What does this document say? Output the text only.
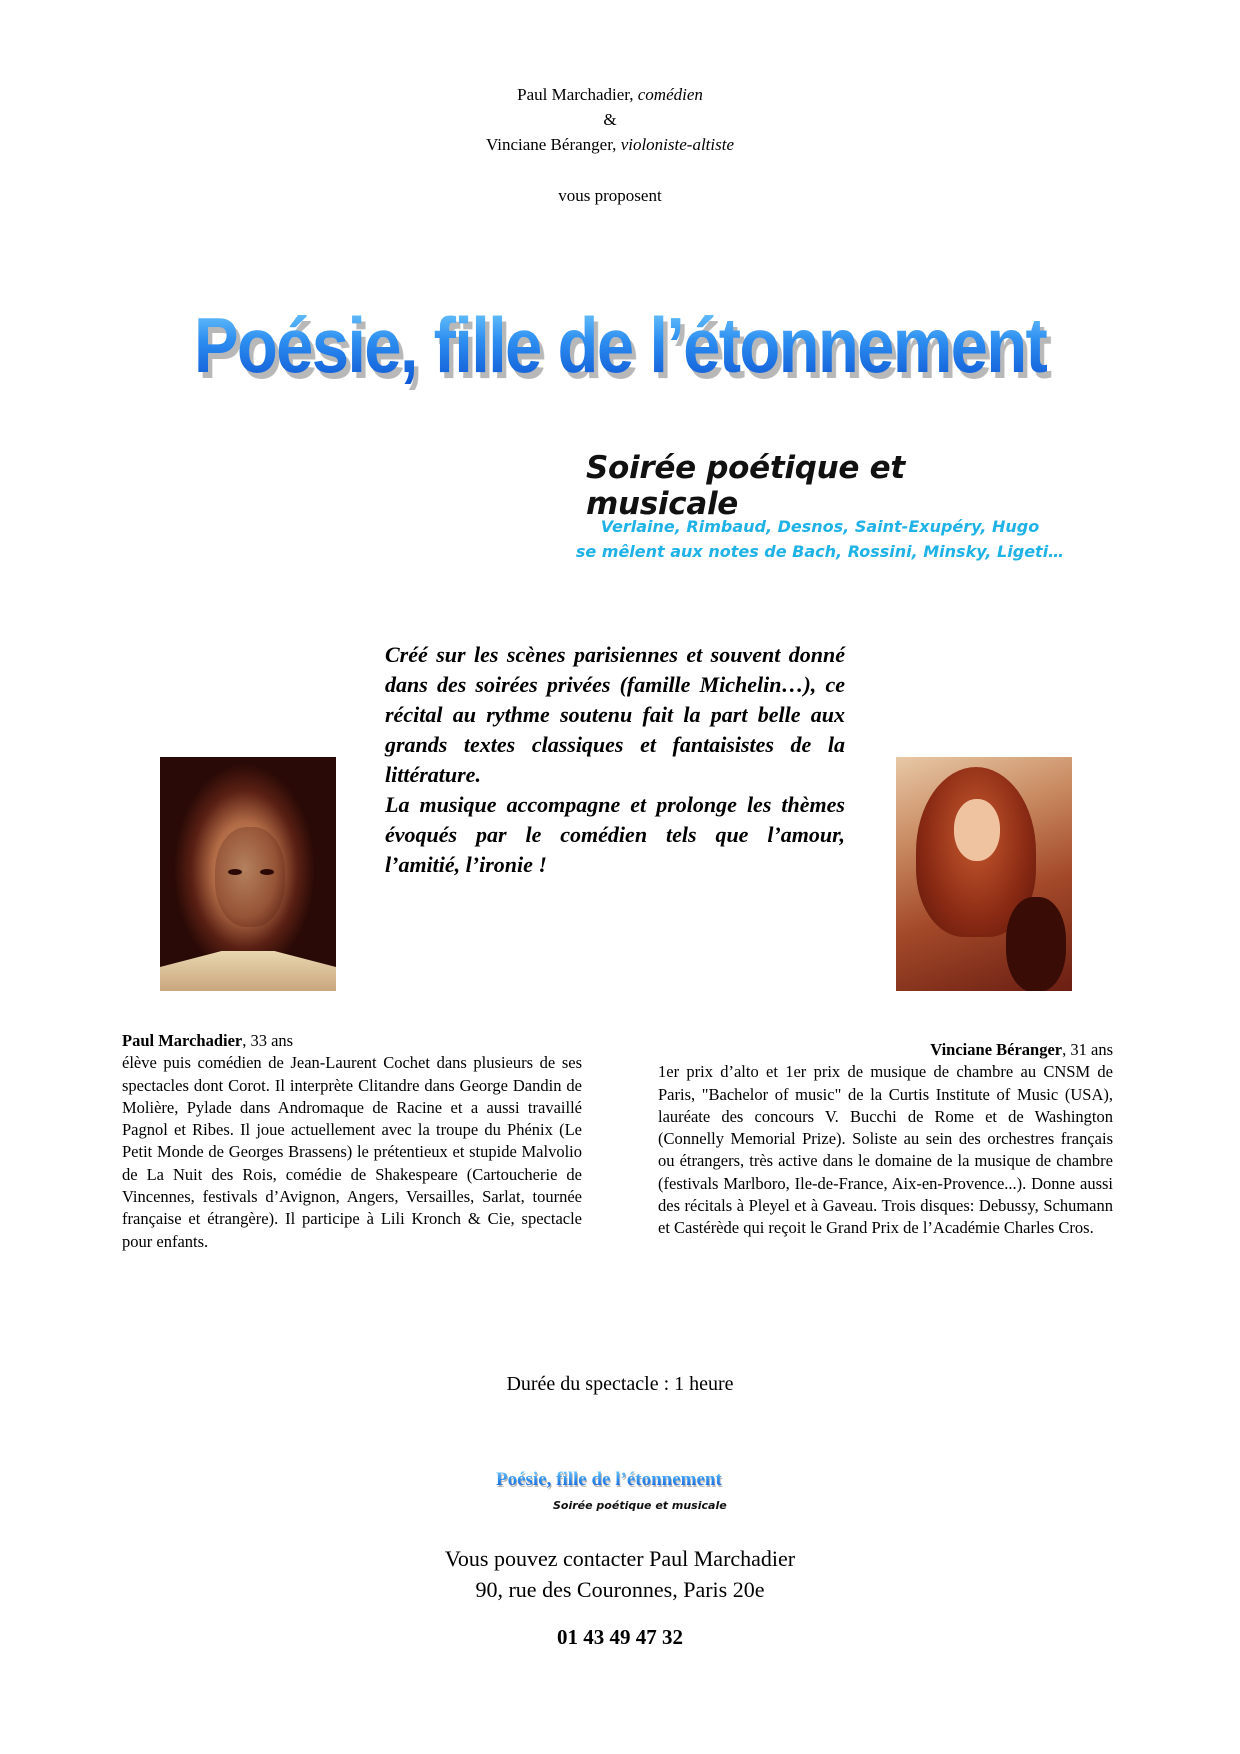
Paul Marchadier, comédien
&
Vinciane Béranger, violoniste-altiste
vous proposent
Poésie, fille de l’étonnement
Soirée poétique et musicale
Verlaine, Rimbaud, Desnos, Saint-Exupéry, Hugo
se mêlent aux notes de Bach, Rossini, Minsky, Ligeti…

Créé sur les scènes parisiennes et souvent donné dans des soirées privées (famille Michelin…), ce récital au rythme soutenu fait la part belle aux grands textes classiques et fantaisistes de la littérature.

La musique accompagne et prolonge les thèmes évoqués par le comédien tels que l’amour, l’amitié, l’ironie !

Paul Marchadier, 33 ans
élève puis comédien de Jean-Laurent Cochet dans plusieurs de ses spectacles dont Corot. Il interprète Clitandre dans George Dandin de Molière, Pylade dans Andromaque de Racine et a aussi travaillé Pagnol et Ribes. Il joue actuellement avec la troupe du Phénix (Le Petit Monde de Georges Brassens) le prétentieux et stupide Malvolio de La Nuit des Rois, comédie de Shakespeare (Cartoucherie de Vincennes, festivals d’Avignon, Angers, Versailles, Sarlat, tournée française et étrangère). Il participe à Lili Kronch & Cie, spectacle pour enfants.
Vinciane Béranger, 31 ans
1er prix d’alto et 1er prix de musique de chambre au CNSM de Paris, "Bachelor of music" de la Curtis Institute of Music (USA), lauréate des concours V. Bucchi de Rome et de Washington (Connelly Memorial Prize). Soliste au sein des orchestres français ou étrangers, très active dans le domaine de la musique de chambre (festivals Marlboro, Ile-de-France, Aix-en-Provence...). Donne aussi des récitals à Pleyel et à Gaveau. Trois disques: Debussy, Schumann et Castérède qui reçoit le Grand Prix de l’Académie Charles Cros.
Durée du spectacle : 1 heure
Poésie, fille de l’étonnement
Soirée poétique et musicale
Vous pouvez contacter Paul Marchadier
90, rue des Couronnes, Paris 20e
01 43 49 47 32
